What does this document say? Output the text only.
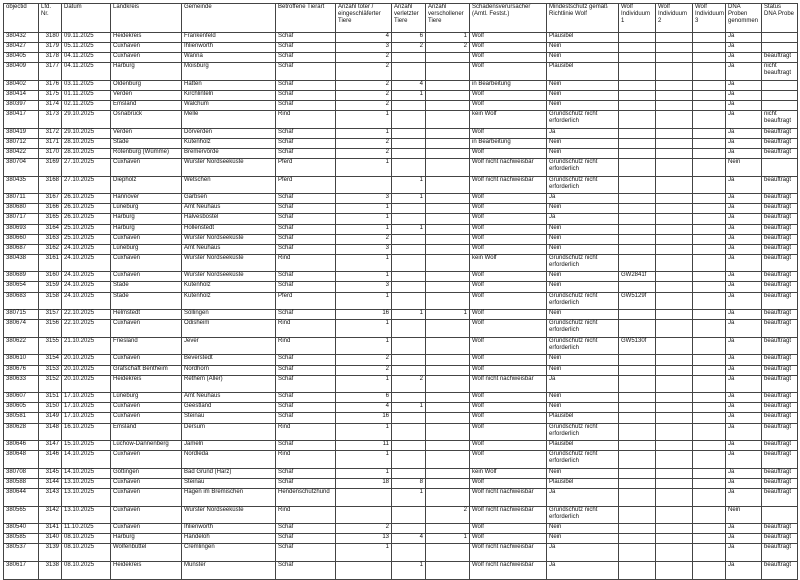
objectid	Lfd. Nr.	Datum	Landkreis	Gemeinde	Betroffene Tierart	Anzahl toter / eingeschläferter Tiere	Anzahl verletzter Tiere	Anzahl verschollener Tiere	Schadensverursacher (Amtl. Festst.)	Mindestschutz gemäß Richtlinie Wolf	Wolf Individuum 1	Wolf Individuum 2	Wolf Individuum 3	DNA Proben genommen	Status DNA Probe
380432	3180	09.11.2025	Heidekreis	Frankenfeld	Schaf	4	6	1	Wolf	Plausibel				Ja	
380427	3179	05.11.2025	Cuxhaven	Ihlienworth	Schaf	3	2	2	Wolf	Nein				Ja	
380405	3178	04.11.2025	Cuxhaven	Wanna	Schaf	2			Wolf	Nein				Ja	beauftragt
380409	3177	04.11.2025	Harburg	Moisburg	Schaf	2			Wolf	Plausibel				Ja	nicht beauftragt
380402	3176	03.11.2025	Oldenburg	Hatten	Schaf	2	4		in Bearbeitung	Nein				Ja	
380414	3175	01.11.2025	Verden	Kirchlinteln	Schaf	2	1		Wolf	Nein				Ja	
380397	3174	02.11.2025	Emsland	Walchum	Schaf	2			Wolf	Nein				Ja	
380417	3173	29.10.2025	Osnabrück	Melle	Rind	1			kein Wolf	Grundschutz nicht erforderlich				Ja	nicht beauftragt
380419	3172	29.10.2025	Verden	Dörverden	Schaf	1			Wolf	Ja				Ja	beauftragt
380712	3171	28.10.2025	Stade	Kutenholz	Schaf	2			in Bearbeitung	Nein				Ja	beauftragt
380422	3170	28.10.2025	Rotenburg (Wümme)	Bremervörde	Schaf	2			Wolf	Nein				Ja	beauftragt
380704	3169	27.10.2025	Cuxhaven	Wurster Nordseeküste	Pferd	1			Wolf nicht nachweisbar	Grundschutz nicht erforderlich				Nein	
380435	3168	27.10.2025	Diepholz	Wetschen	Pferd		1		Wolf nicht nachweisbar	Grundschutz nicht erforderlich				Ja	beauftragt
380711	3167	26.10.2025	Hannover	Garbsen	Schaf	3	1		Wolf	Ja				Ja	beauftragt
380680	3166	26.10.2025	Lüneburg	Amt Neuhaus	Schaf	1			Wolf	Nein				Ja	beauftragt
380717	3165	26.10.2025	Harburg	Halvesbostel	Schaf	1			Wolf	Ja				Ja	beauftragt
380693	3164	25.10.2025	Harburg	Hollenstedt	Schaf	1	1		Wolf	Nein				Ja	beauftragt
380660	3163	25.10.2025	Cuxhaven	Wurster Nordseeküste	Schaf	2			Wolf	Nein				Ja	beauftragt
380687	3162	24.10.2025	Lüneburg	Amt Neuhaus	Schaf	3			Wolf	Nein				Ja	beauftragt
380438	3161	24.10.2025	Cuxhaven	Wurster Nordseeküste	Rind	1			kein Wolf	Grundschutz nicht erforderlich				Ja	beauftragt
380689	3160	24.10.2025	Cuxhaven	Wurster Nordseeküste	Schaf	1			Wolf	Nein	GW2841f			Ja	beauftragt
380654	3159	24.10.2025	Stade	Kutenholz	Schaf	3			Wolf	Nein				Ja	beauftragt
380683	3158	24.10.2025	Stade	Kutenholz	Pferd	1			Wolf	Grundschutz nicht erforderlich	GW5129f			Ja	beauftragt
380715	3157	22.10.2025	Helmstedt	Söllingen	Schaf	16	1	1	Wolf	Nein				Ja	beauftragt
380674	3156	22.10.2025	Cuxhaven	Odisheim	Rind	1			Wolf	Grundschutz nicht erforderlich				Ja	beauftragt
380622	3155	21.10.2025	Friesland	Jever	Rind	1			Wolf	Grundschutz nicht erforderlich	GW5130f			Ja	beauftragt
380610	3154	20.10.2025	Cuxhaven	Beverstedt	Schaf	2			Wolf	Nein				Ja	beauftragt
380676	3153	20.10.2025	Grafschaft Bentheim	Nordhorn	Schaf	2			Wolf	Nein				Ja	beauftragt
380633	3152	20.10.2025	Heidekreis	Rethem (Aller)	Schaf	1	2		Wolf nicht nachweisbar	Ja				Ja	beauftragt
380607	3151	17.10.2025	Lüneburg	Amt Neuhaus	Schaf	6			Wolf	Nein				Ja	beauftragt
380605	3150	17.10.2025	Cuxhaven	Geestland	Schaf	4	1		Wolf	Nein				Ja	beauftragt
380581	3149	17.10.2025	Cuxhaven	Steinau	Schaf	16			Wolf	Plausibel				Ja	beauftragt
380628	3148	16.10.2025	Emsland	Dersum	Rind	1			Wolf	Grundschutz nicht erforderlich				Ja	beauftragt
380646	3147	15.10.2025	Lüchow-Dannenberg	Jameln	Schaf	11			Wolf	Plausibel				Ja	beauftragt
380648	3146	14.10.2025	Cuxhaven	Nordleda	Rind	1			Wolf	Grundschutz nicht erforderlich				Ja	beauftragt
380708	3145	14.10.2025	Göttingen	Bad Grund (Harz)	Schaf	1			kein Wolf	Nein				Ja	beauftragt
380588	3144	13.10.2025	Cuxhaven	Steinau	Schaf	18	8		Wolf	Plausibel				Ja	beauftragt
380644	3143	13.10.2025	Cuxhaven	Hagen im Bremischen	Hendenschutzhund		1		Wolf nicht nachweisbar	Ja				Ja	beauftragt
380565	3142	13.10.2025	Cuxhaven	Wurster Nordseeküste	Rind			2	Wolf nicht nachweisbar	Grundschutz nicht erforderlich				Nein	
380540	3141	11.10.2025	Cuxhaven	Ihlienworth	Schaf	2			Wolf	Nein				Ja	beauftragt
380585	3140	08.10.2025	Harburg	Handeloh	Schaf	13	4	1	Wolf	Nein				Ja	beauftragt
380537	3139	08.10.2025	Wolfenbüttel	Cremlingen	Schaf	1			Wolf nicht nachweisbar	Ja				Ja	beauftragt
380617	3138	08.10.2025	Heidekreis	Munster	Schaf		1		Wolf nicht nachweisbar	Ja				Ja	beauftragt
